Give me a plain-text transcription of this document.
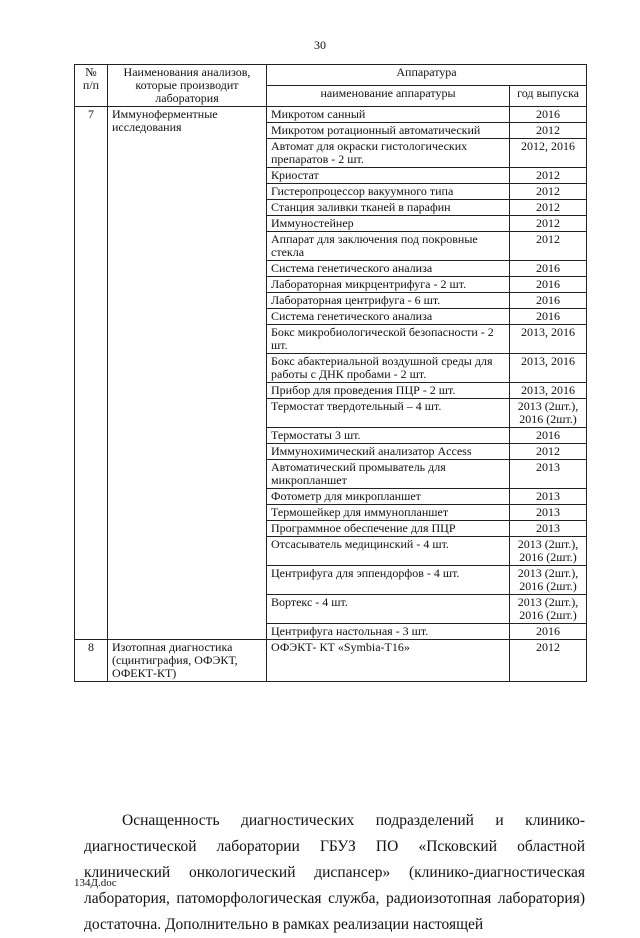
30
№ п/п	Наименования анализов, которые производит лаборатория	Аппаратура	
		наименование аппаратуры	год выпуска
7	Иммуноферментные исследования	Микротом санный	2016
		Микротом ротационный автоматический	2012
		Автомат для окраски гистологических препаратов - 2 шт.	2012, 2016
		Криостат	2012
		Гистеропроцессор вакуумного типа	2012
		Станция заливки тканей в парафин	2012
		Иммуностейнер	2012
		Аппарат для заключения под покровные стекла	2012
		Система генетического анализа	2016
		Лабораторная микрцентрифуга - 2 шт.	2016
		Лабораторная центрифуга - 6 шт.	2016
		Система генетического анализа	2016
		Бокс микробиологической безопасности - 2 шт.	2013, 2016
		Бокс абактериальной воздушной среды для работы с ДНК пробами - 2 шт.	2013, 2016
		Прибор для проведения ПЦР - 2 шт.	2013, 2016
		Термостат твердотельный – 4 шт.	2013 (2шт.), 2016 (2шт.)
		Термостаты 3 шт.	2016
		Иммунохимический анализатор Access	2012
		Автоматический промыватель для микропланшет	2013
		Фотометр для микропланшет	2013
		Термошейкер для иммунопланшет	2013
		Программное обеспечение для ПЦР	2013
		Отсасыватель медицинский - 4 шт.	2013 (2шт.), 2016 (2шт.)
		Центрифуга для эппендорфов - 4 шт.	2013 (2шт.), 2016 (2шт.)
		Вортекс - 4 шт.	2013 (2шт.), 2016 (2шт.)
		Центрифуга настольная - 3 шт.	2016
8	Изотопная диагностика (сцинтиграфия, ОФЭКТ, ОФЕКТ-КТ)	ОФЭКТ- КТ «Symbia-T16»	2012

Оснащенность диагностических подразделений и клинико-диагностической лаборатории ГБУЗ ПО «Псковский областной клинический онкологический диспансер» (клинико-диагностическая лаборатория, патоморфологическая служба, радиоизотопная лаборатория) достаточна. Дополнительно в рамках реализации настоящей

134Д.doc
